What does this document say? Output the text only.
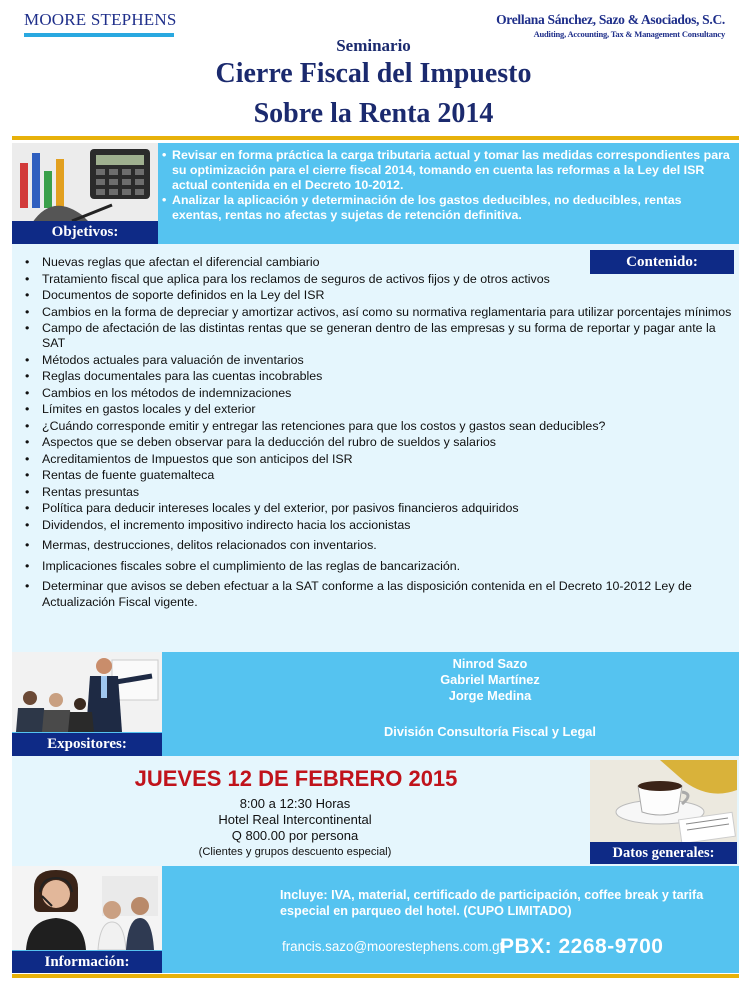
MOORE STEPHENS	Orellana Sánchez, Sazo & Asociados, S.C.
Auditing, Accounting, Tax & Management Consultancy
Seminario
Cierre Fiscal del Impuesto
Sobre la Renta 2014
Objetivos:
• Revisar en forma práctica la carga tributaria actual y tomar las medidas correspondientes para su optimización para el cierre fiscal 2014, tomando en cuenta las reformas a la Ley del ISR actual contenida en el Decreto 10-2012.
• Analizar la aplicación y determinación de los gastos deducibles, no deducibles, rentas exentas, rentas no afectas y sujetas de retención definitiva.
Contenido:
• Nuevas reglas que afectan el diferencial cambiario
• Tratamiento fiscal que aplica para los reclamos de seguros de activos fijos y de otros activos
• Documentos de soporte definidos en la Ley del ISR
• Cambios en la forma de depreciar y amortizar activos, así como su normativa reglamentaria para utilizar porcentajes mínimos
• Campo de afectación de las distintas rentas que se generan dentro de las empresas y su forma de reportar y pagar ante la SAT
• Métodos actuales para valuación de inventarios
• Reglas documentales para las cuentas incobrables
• Cambios en los métodos de indemnizaciones
• Límites en gastos locales y del exterior
• ¿Cuándo corresponde emitir y entregar las retenciones para que los costos y gastos sean deducibles?
• Aspectos que se deben observar para la deducción del rubro de sueldos y salarios
• Acreditamientos de Impuestos que son anticipos del ISR
• Rentas de fuente guatemalteca
• Rentas presuntas
• Política para deducir intereses locales y del exterior, por pasivos financieros adquiridos
• Dividendos, el incremento impositivo indirecto hacia los accionistas
• Mermas, destrucciones, delitos relacionados con inventarios.
• Implicaciones fiscales sobre el cumplimiento de las reglas de bancarización.
• Determinar que avisos se deben efectuar a la SAT conforme a las disposición contenida en el Decreto 10-2012 Ley de Actualización Fiscal vigente.
Expositores:
Ninrod Sazo
Gabriel Martínez
Jorge Medina
División Consultoría Fiscal y Legal
JUEVES 12 DE FEBRERO 2015
8:00 a 12:30 Horas
Hotel Real Intercontinental
Q 800.00 por persona
(Clientes y grupos descuento especial)	Datos generales:
Información:
Incluye: IVA, material, certificado de participación, coffee break y tarifa especial en parqueo del hotel. (CUPO LIMITADO)
francis.sazo@moorestephens.com.gt
PBX: 2268-9700
